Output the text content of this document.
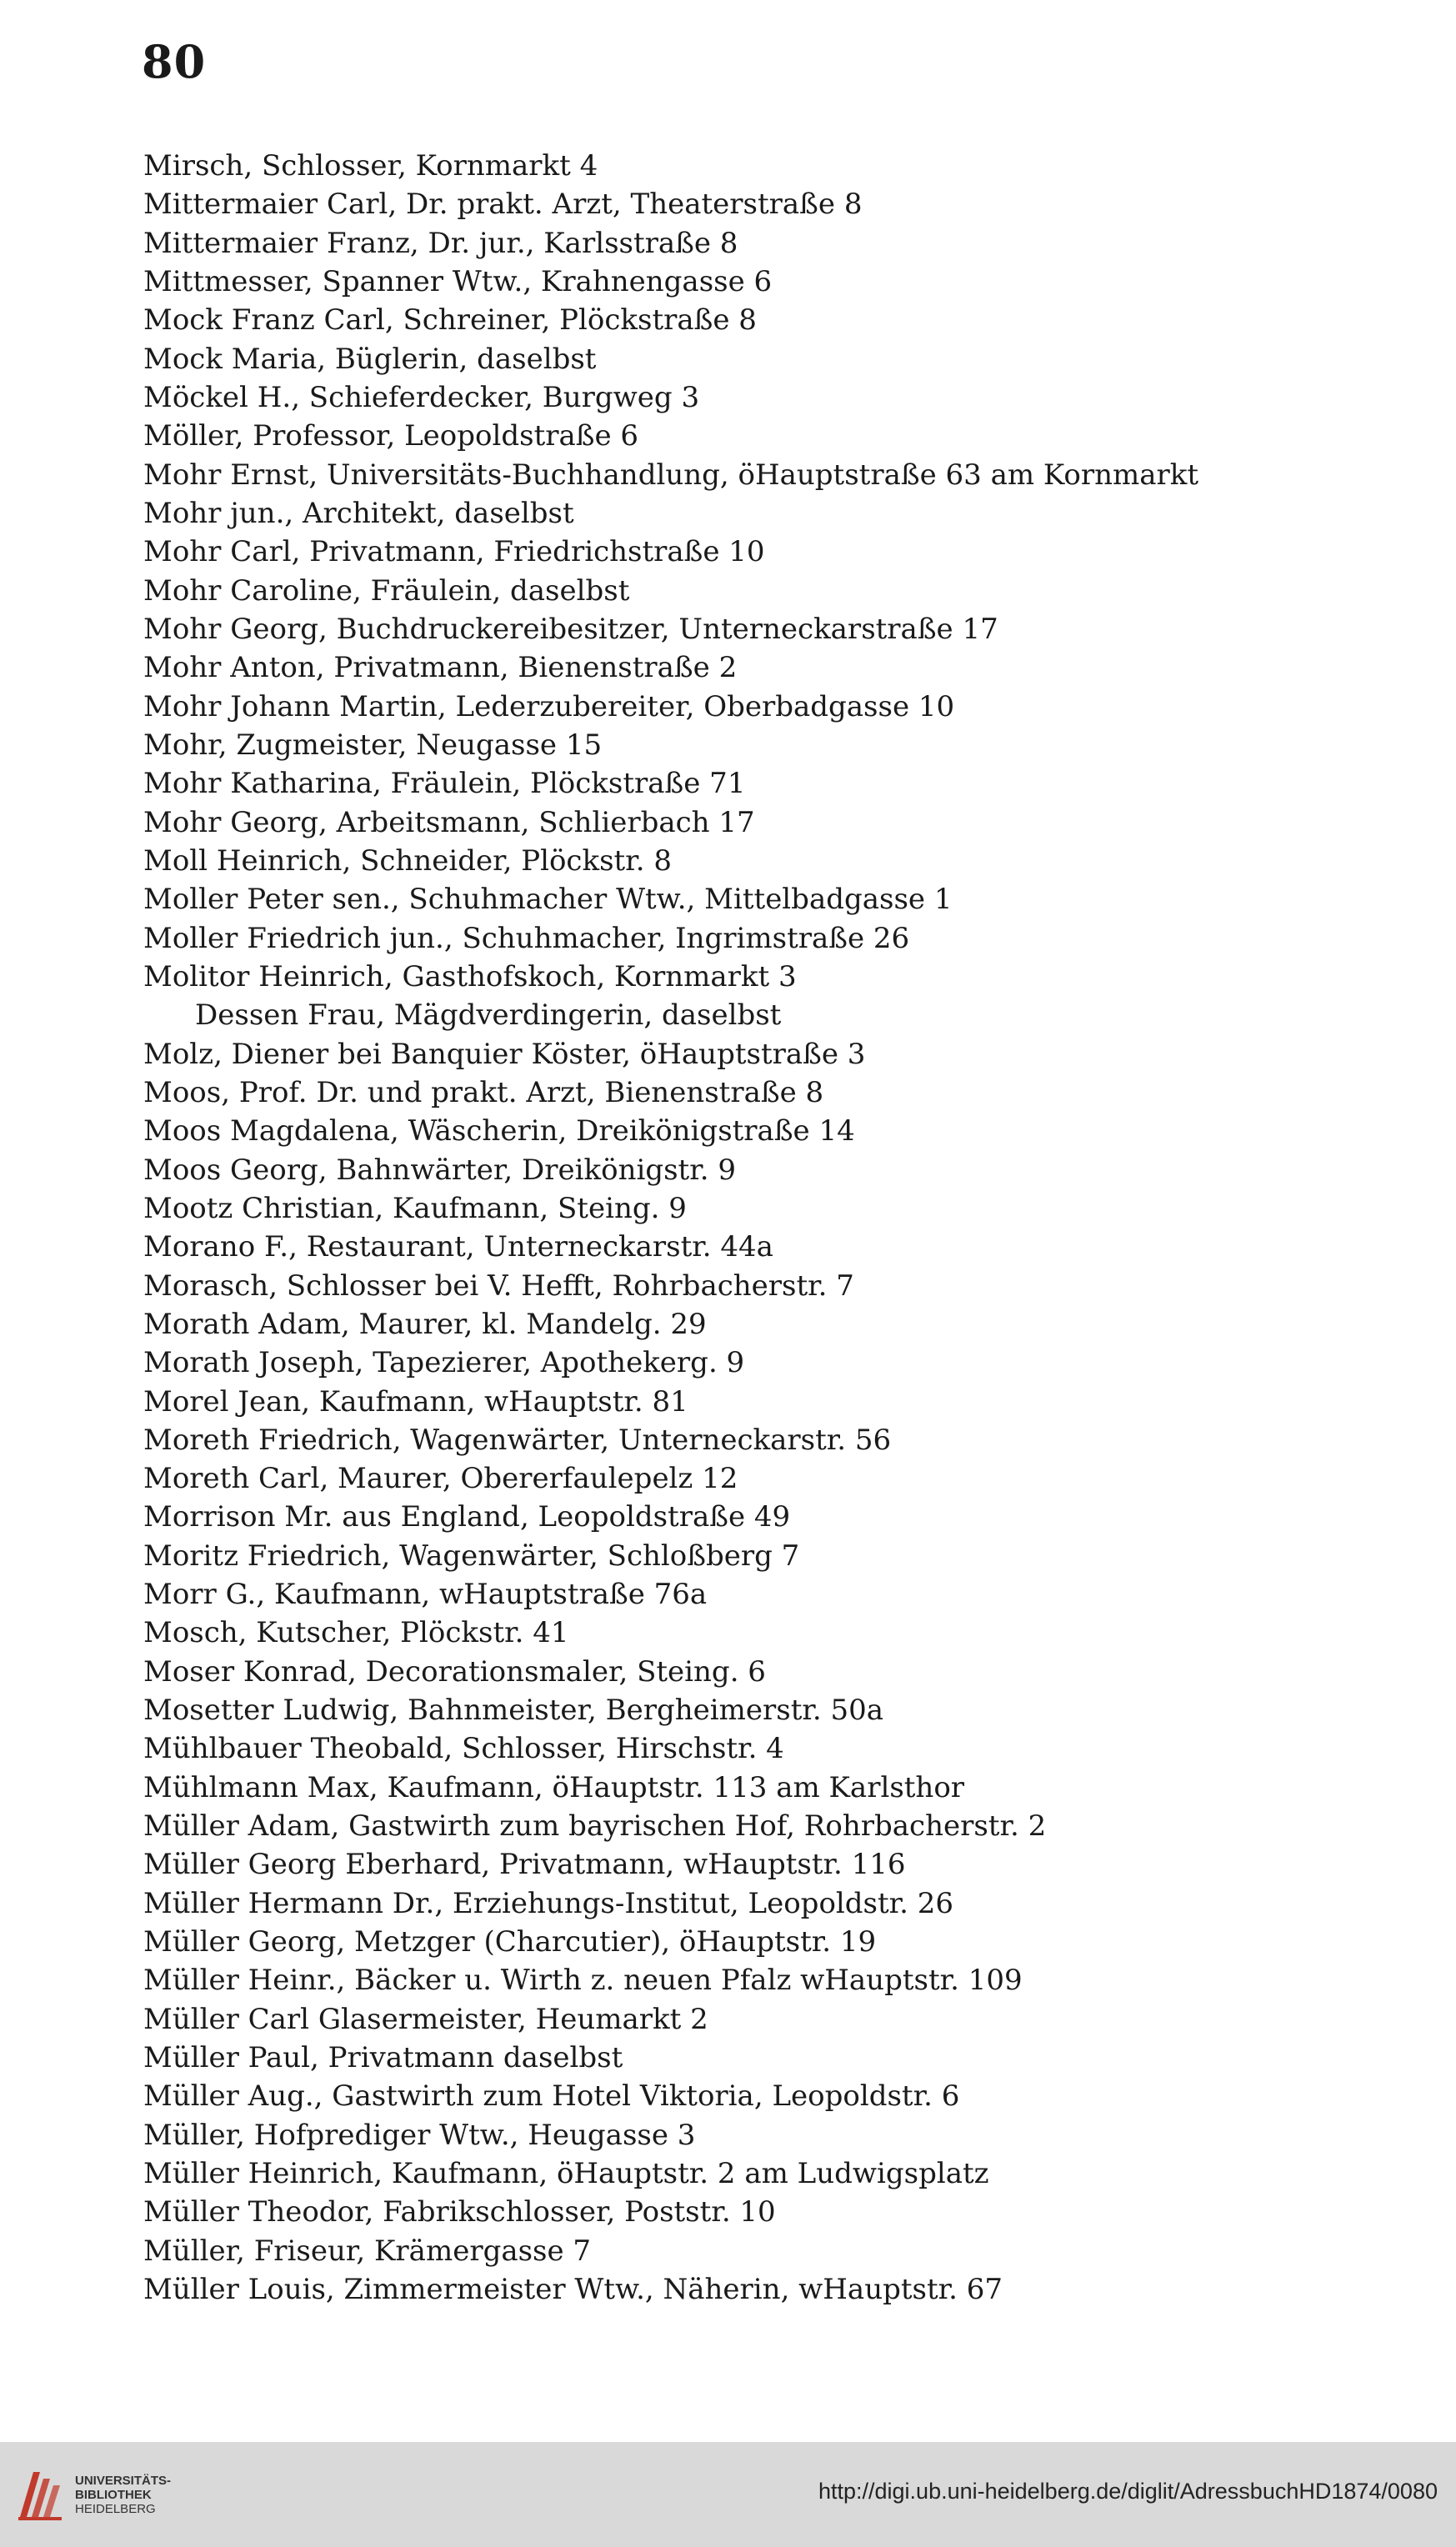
80
Mirsch, Schlosser, Kornmarkt 4
Mittermaier Carl, Dr. prakt. Arzt, Theaterstraße 8
Mittermaier Franz, Dr. jur., Karlsstraße 8
Mittmesser, Spanner Wtw., Krahnengasse 6
Mock Franz Carl, Schreiner, Plöckstraße 8
Mock Maria, Büglerin, daselbst
Möckel H., Schieferdecker, Burgweg 3
Möller, Professor, Leopoldstraße 6
Mohr Ernst, Universitäts-Buchhandlung, öHauptstraße 63 am Kornmarkt
Mohr jun., Architekt, daselbst
Mohr Carl, Privatmann, Friedrichstraße 10
Mohr Caroline, Fräulein, daselbst
Mohr Georg, Buchdruckereibesitzer, Unterneckarstraße 17
Mohr Anton, Privatmann, Bienenstraße 2
Mohr Johann Martin, Lederzubereiter, Oberbadgasse 10
Mohr, Zugmeister, Neugasse 15
Mohr Katharina, Fräulein, Plöckstraße 71
Mohr Georg, Arbeitsmann, Schlierbach 17
Moll Heinrich, Schneider, Plöckstr. 8
Moller Peter sen., Schuhmacher Wtw., Mittelbadgasse 1
Moller Friedrich jun., Schuhmacher, Ingrimstraße 26
Molitor Heinrich, Gasthofskoch, Kornmarkt 3
Dessen Frau, Mägdverdingerin, daselbst
Molz, Diener bei Banquier Köster, öHauptstraße 3
Moos, Prof. Dr. und prakt. Arzt, Bienenstraße 8
Moos Magdalena, Wäscherin, Dreikönigstraße 14
Moos Georg, Bahnwärter, Dreikönigstr. 9
Mootz Christian, Kaufmann, Steing. 9
Morano F., Restaurant, Unterneckarstr. 44a
Morasch, Schlosser bei V. Hefft, Rohrbacherstr. 7
Morath Adam, Maurer, kl. Mandelg. 29
Morath Joseph, Tapezierer, Apothekerg. 9
Morel Jean, Kaufmann, wHauptstr. 81
Moreth Friedrich, Wagenwärter, Unterneckarstr. 56
Moreth Carl, Maurer, Obererfaulepelz 12
Morrison Mr. aus England, Leopoldstraße 49
Moritz Friedrich, Wagenwärter, Schloßberg 7
Morr G., Kaufmann, wHauptstraße 76a
Mosch, Kutscher, Plöckstr. 41
Moser Konrad, Decorationsmaler, Steing. 6
Mosetter Ludwig, Bahnmeister, Bergheimerstr. 50a
Mühlbauer Theobald, Schlosser, Hirschstr. 4
Mühlmann Max, Kaufmann, öHauptstr. 113 am Karlsthor
Müller Adam, Gastwirth zum bayrischen Hof, Rohrbacherstr. 2
Müller Georg Eberhard, Privatmann, wHauptstr. 116
Müller Hermann Dr., Erziehungs-Institut, Leopoldstr. 26
Müller Georg, Metzger (Charcutier), öHauptstr. 19
Müller Heinr., Bäcker u. Wirth z. neuen Pfalz wHauptstr. 109
Müller Carl Glasermeister, Heumarkt 2
Müller Paul, Privatmann daselbst
Müller Aug., Gastwirth zum Hotel Viktoria, Leopoldstr. 6
Müller, Hofprediger Wtw., Heugasse 3
Müller Heinrich, Kaufmann, öHauptstr. 2 am Ludwigsplatz
Müller Theodor, Fabrikschlosser, Poststr. 10
Müller, Friseur, Krämergasse 7
Müller Louis, Zimmermeister Wtw., Näherin, wHauptstr. 67
UNIVERSITÄTS-
BIBLIOTHEK
HEIDELBERG
http://digi.ub.uni-heidelberg.de/diglit/AdressbuchHD1874/0080
